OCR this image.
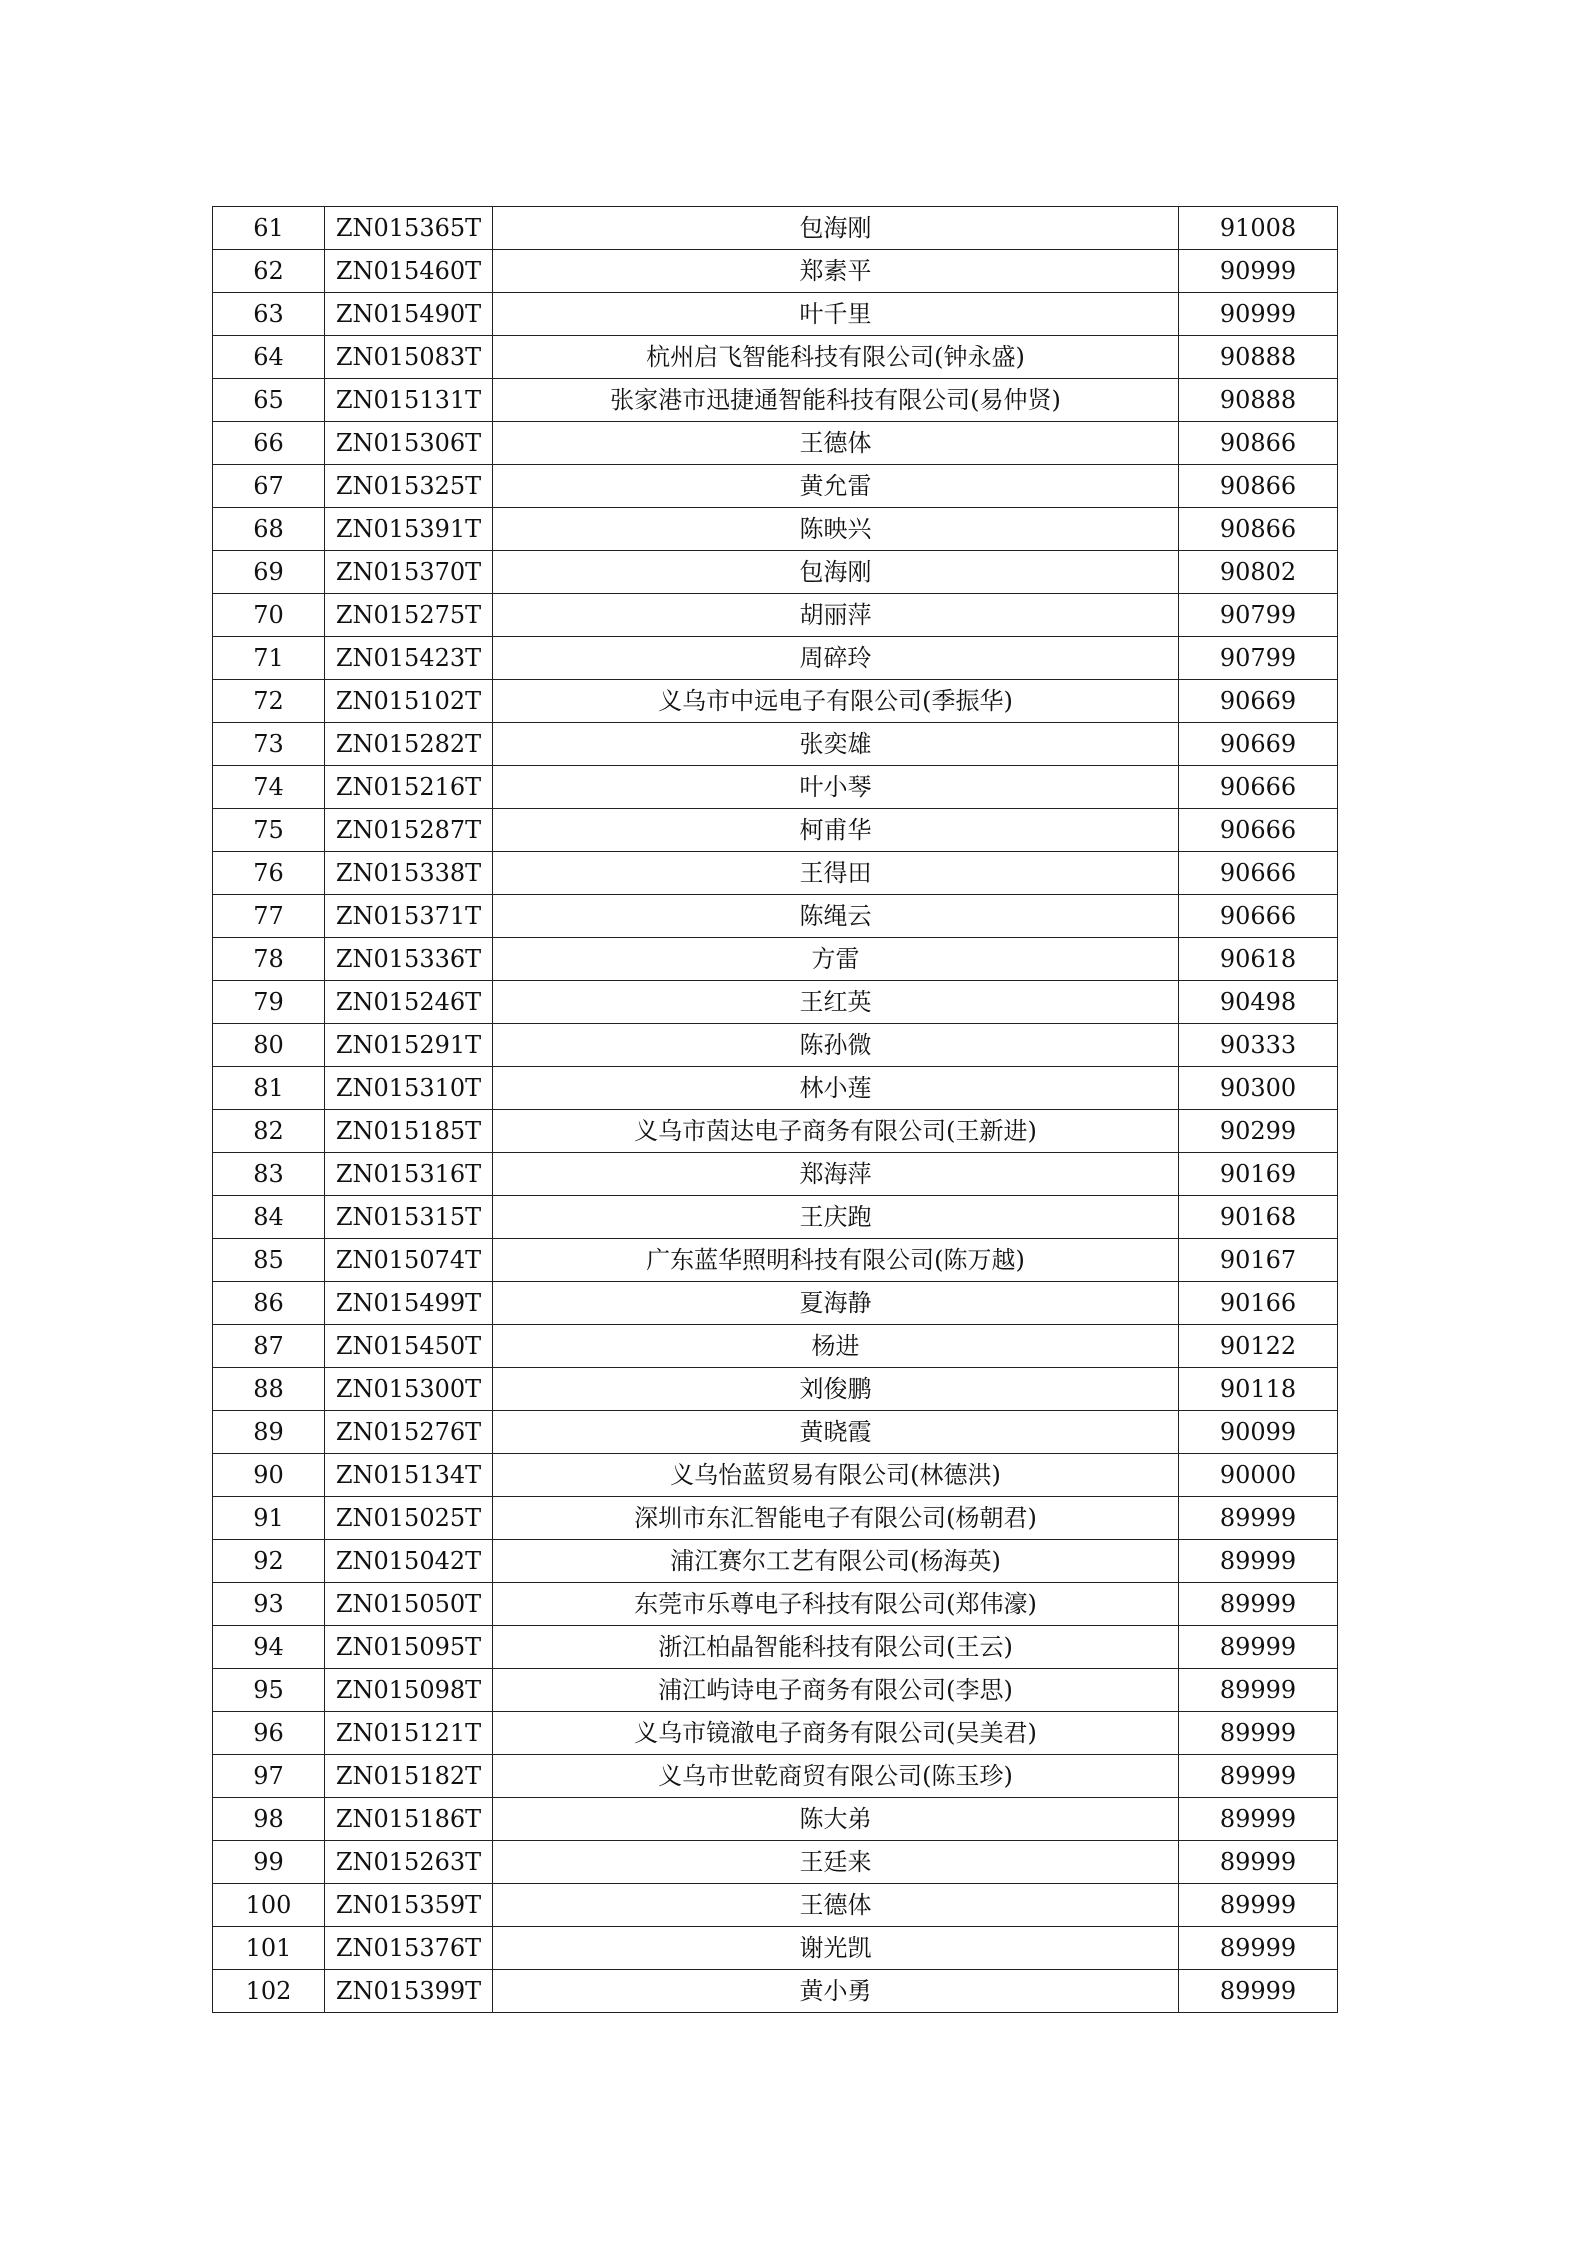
61	ZN015365T	包海刚	91008
62	ZN015460T	郑素平	90999
63	ZN015490T	叶千里	90999
64	ZN015083T	杭州启飞智能科技有限公司(钟永盛)	90888
65	ZN015131T	张家港市迅捷通智能科技有限公司(易仲贤)	90888
66	ZN015306T	王德体	90866
67	ZN015325T	黄允雷	90866
68	ZN015391T	陈映兴	90866
69	ZN015370T	包海刚	90802
70	ZN015275T	胡丽萍	90799
71	ZN015423T	周碎玲	90799
72	ZN015102T	义乌市中远电子有限公司(季振华)	90669
73	ZN015282T	张奕雄	90669
74	ZN015216T	叶小琴	90666
75	ZN015287T	柯甫华	90666
76	ZN015338T	王得田	90666
77	ZN015371T	陈绳云	90666
78	ZN015336T	方雷	90618
79	ZN015246T	王红英	90498
80	ZN015291T	陈孙微	90333
81	ZN015310T	林小莲	90300
82	ZN015185T	义乌市茵达电子商务有限公司(王新进)	90299
83	ZN015316T	郑海萍	90169
84	ZN015315T	王庆跑	90168
85	ZN015074T	广东蓝华照明科技有限公司(陈万越)	90167
86	ZN015499T	夏海静	90166
87	ZN015450T	杨进	90122
88	ZN015300T	刘俊鹏	90118
89	ZN015276T	黄晓霞	90099
90	ZN015134T	义乌怡蓝贸易有限公司(林德洪)	90000
91	ZN015025T	深圳市东汇智能电子有限公司(杨朝君)	89999
92	ZN015042T	浦江赛尔工艺有限公司(杨海英)	89999
93	ZN015050T	东莞市乐尊电子科技有限公司(郑伟濠)	89999
94	ZN015095T	浙江柏晶智能科技有限公司(王云)	89999
95	ZN015098T	浦江屿诗电子商务有限公司(李思)	89999
96	ZN015121T	义乌市镜澈电子商务有限公司(吴美君)	89999
97	ZN015182T	义乌市世乾商贸有限公司(陈玉珍)	89999
98	ZN015186T	陈大弟	89999
99	ZN015263T	王廷来	89999
100	ZN015359T	王德体	89999
101	ZN015376T	谢光凯	89999
102	ZN015399T	黄小勇	89999
